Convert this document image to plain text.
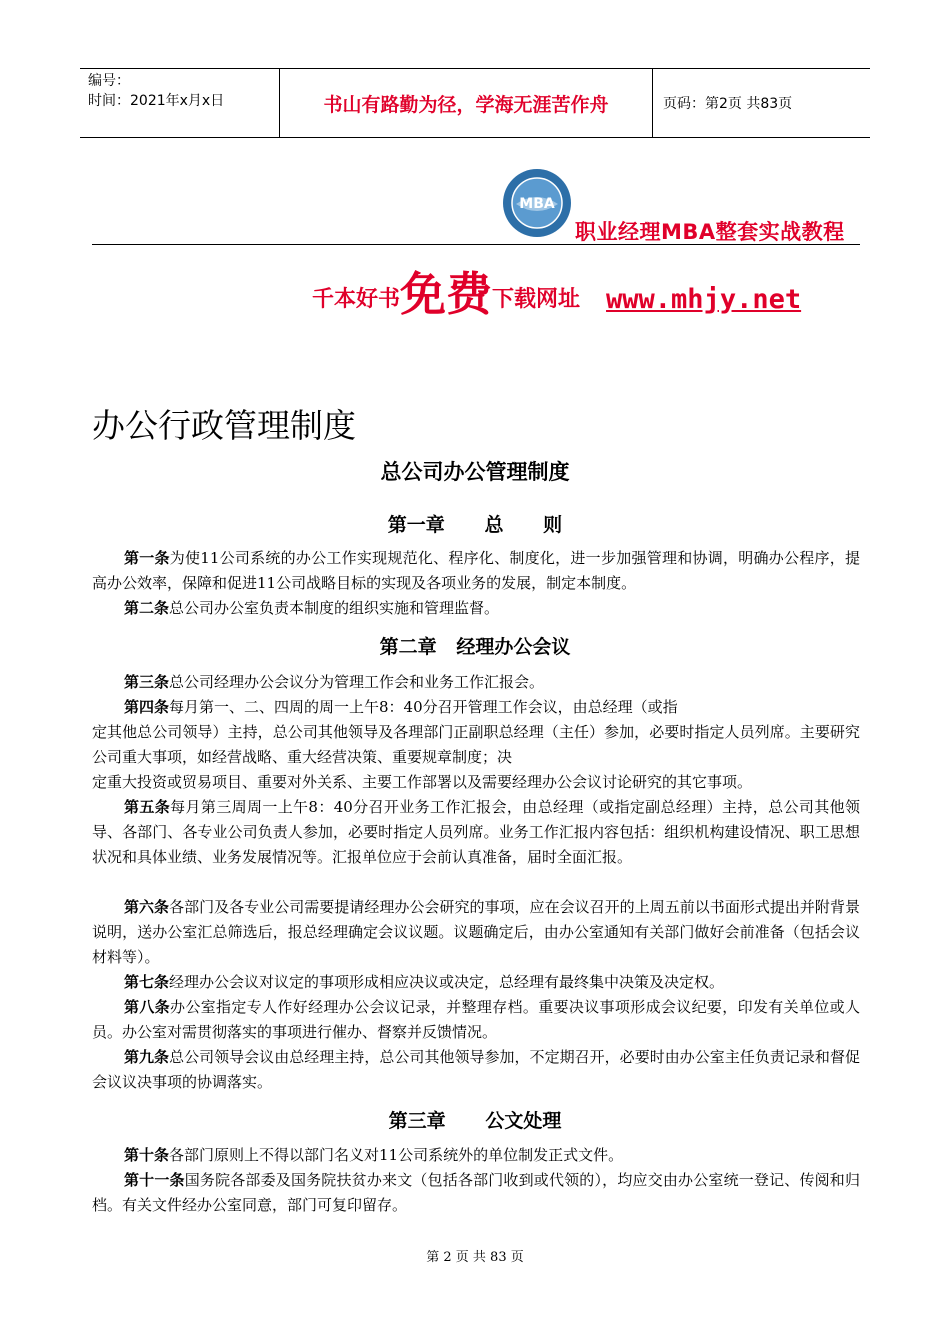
编号：
时间：2021年x月x日	书山有路勤为径，学海无涯苦作舟	页码：第2页 共83页
MBA
职业经理MBA整套实战教程
千本好书 免费 下载网址 www.mhjy.net
办公行政管理制度
总公司办公管理制度
第一章      总      则
第一条为使11公司系统的办公工作实现规范化、程序化、制度化，进一步加强管理和协调，明确办公程序，提高办公效率，保障和促进11公司战略目标的实现及各项业务的发展，制定本制度。
第二条总公司办公室负责本制度的组织实施和管理监督。
第二章   经理办公会议
第三条总公司经理办公会议分为管理工作会和业务工作汇报会。
第四条每月第一、二、四周的周一上午8：40分召开管理工作会议，由总经理（或指
定其他总公司领导）主持，总公司其他领导及各理部门正副职总经理（主任）参加，必要时指定人员列席。主要研究公司重大事项，如经营战略、重大经营决策、重要规章制度；决
定重大投资或贸易项目、重要对外关系、主要工作部署以及需要经理办公会议讨论研究的其它事项。
第五条每月第三周周一上午8：40分召开业务工作汇报会，由总经理（或指定副总经理）主持，总公司其他领导、各部门、各专业公司负责人参加，必要时指定人员列席。业务工作汇报内容包括：组织机构建设情况、职工思想状况和具体业绩、业务发展情况等。汇报单位应于会前认真准备，届时全面汇报。
第六条各部门及各专业公司需要提请经理办公会研究的事项，应在会议召开的上周五前以书面形式提出并附背景说明，送办公室汇总筛选后，报总经理确定会议议题。议题确定后，由办公室通知有关部门做好会前准备（包括会议材料等）。
第七条经理办公会议对议定的事项形成相应决议或决定，总经理有最终集中决策及决定权。
第八条办公室指定专人作好经理办公会议记录，并整理存档。重要决议事项形成会议纪要，印发有关单位或人员。办公室对需贯彻落实的事项进行催办、督察并反馈情况。
第九条总公司领导会议由总经理主持，总公司其他领导参加，不定期召开，必要时由办公室主任负责记录和督促会议议决事项的协调落实。
第三章      公文处理
第十条各部门原则上不得以部门名义对11公司系统外的单位制发正式文件。
第十一条国务院各部委及国务院扶贫办来文（包括各部门收到或代领的），均应交由办公室统一登记、传阅和归档。有关文件经办公室同意，部门可复印留存。
第 2 页 共 83 页
